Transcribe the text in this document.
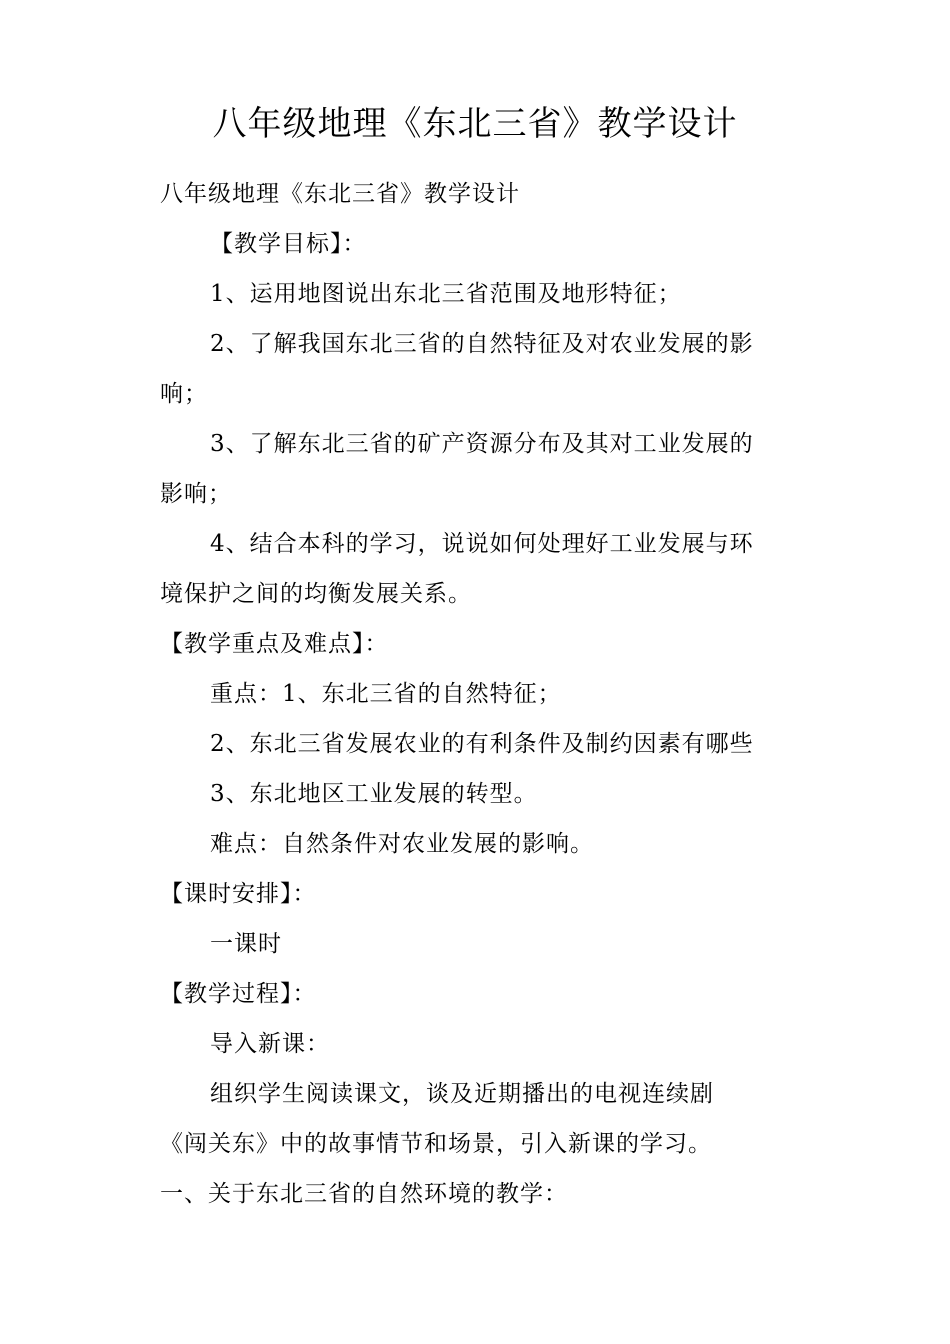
八年级地理《东北三省》教学设计
八年级地理《东北三省》教学设计
【教学目标】：
1、运用地图说出东北三省范围及地形特征；
2、了解我国东北三省的自然特征及对农业发展的影
响；
3、了解东北三省的矿产资源分布及其对工业发展的
影响；
4、结合本科的学习，说说如何处理好工业发展与环
境保护之间的均衡发展关系。
【教学重点及难点】：
重点：1、东北三省的自然特征；
2、东北三省发展农业的有利条件及制约因素有哪些
3、东北地区工业发展的转型。
难点：自然条件对农业发展的影响。
【课时安排】：
一课时
【教学过程】：
导入新课：
组织学生阅读课文，谈及近期播出的电视连续剧
《闯关东》中的故事情节和场景，引入新课的学习。
一、关于东北三省的自然环境的教学：
